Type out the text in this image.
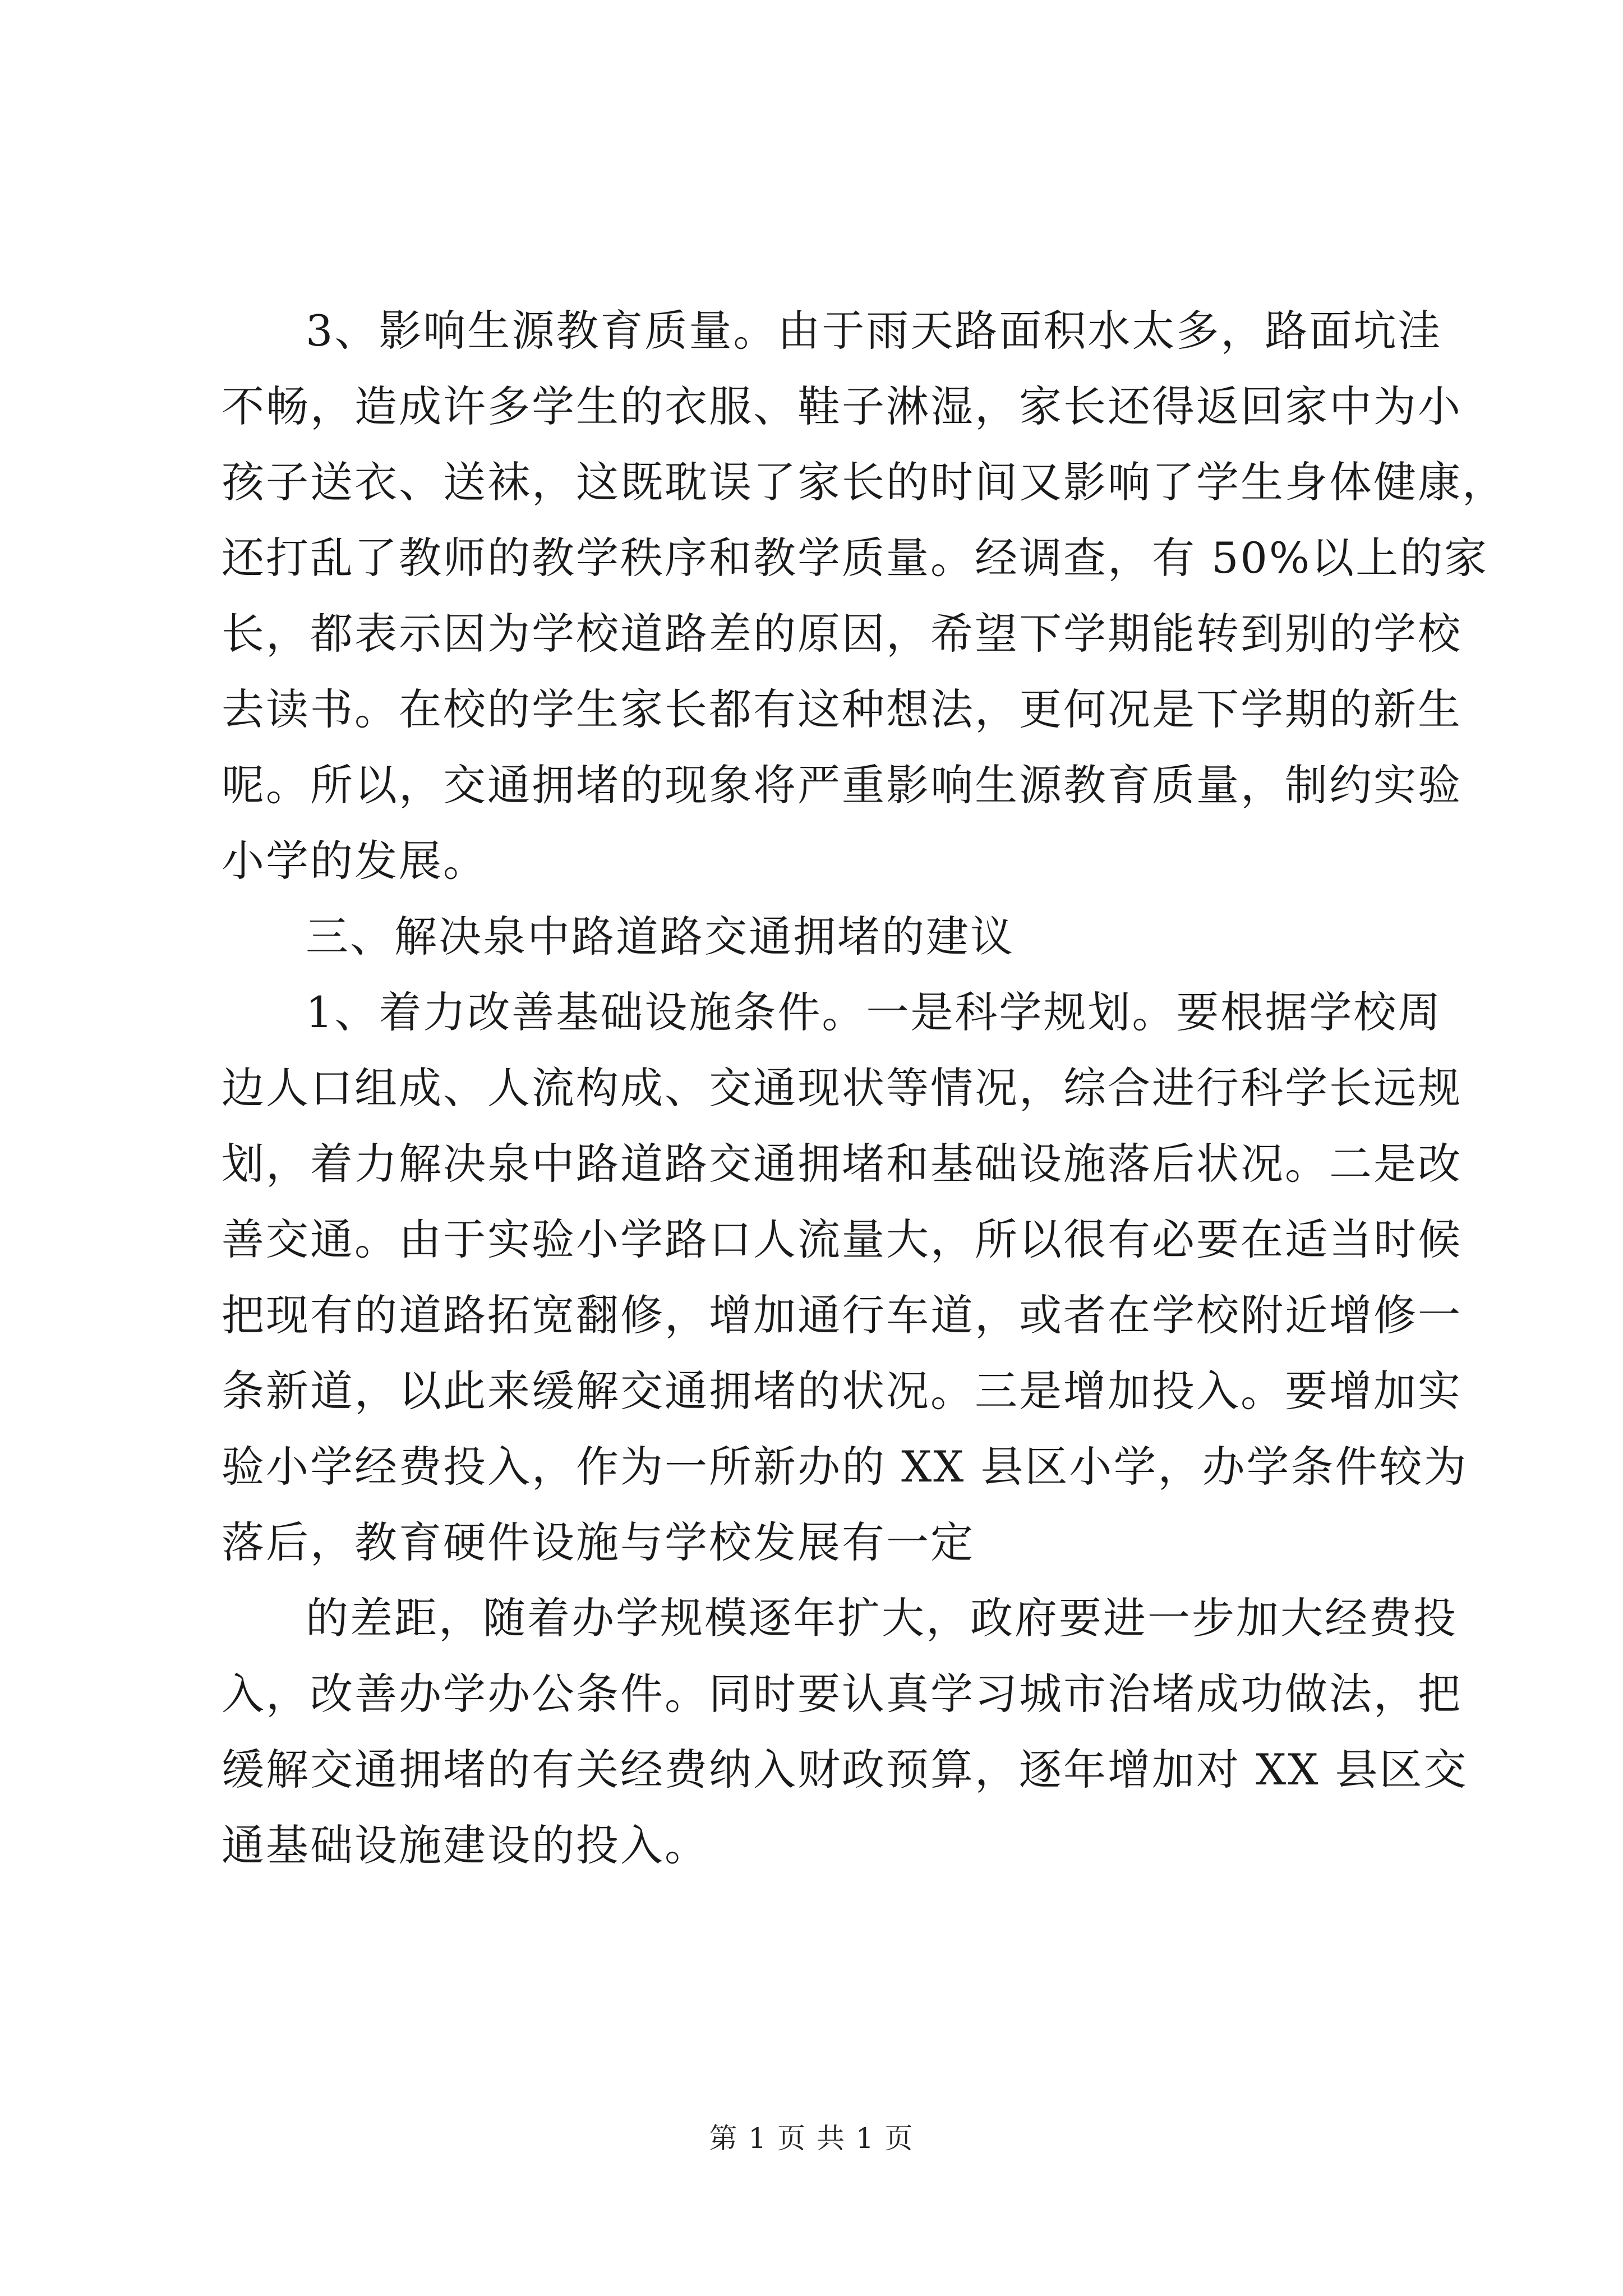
3、影响生源教育质量。由于雨天路面积水太多，路面坑洼
不畅，造成许多学生的衣服、鞋子淋湿，家长还得返回家中为小
孩子送衣、送袜，这既耽误了家长的时间又影响了学生身体健康，
还打乱了教师的教学秩序和教学质量。经调查，有 50%以上的家
长，都表示因为学校道路差的原因，希望下学期能转到别的学校
去读书。在校的学生家长都有这种想法，更何况是下学期的新生
呢。所以，交通拥堵的现象将严重影响生源教育质量，制约实验
小学的发展。
三、解决泉中路道路交通拥堵的建议
1、着力改善基础设施条件。一是科学规划。要根据学校周
边人口组成、人流构成、交通现状等情况，综合进行科学长远规
划，着力解决泉中路道路交通拥堵和基础设施落后状况。二是改
善交通。由于实验小学路口人流量大，所以很有必要在适当时候
把现有的道路拓宽翻修，增加通行车道，或者在学校附近增修一
条新道，以此来缓解交通拥堵的状况。三是增加投入。要增加实
验小学经费投入，作为一所新办的 XX 县区小学，办学条件较为
落后，教育硬件设施与学校发展有一定
的差距，随着办学规模逐年扩大，政府要进一步加大经费投
入，改善办学办公条件。同时要认真学习城市治堵成功做法，把
缓解交通拥堵的有关经费纳入财政预算，逐年增加对 XX 县区交
通基础设施建设的投入。
第 1 页 共 1 页
